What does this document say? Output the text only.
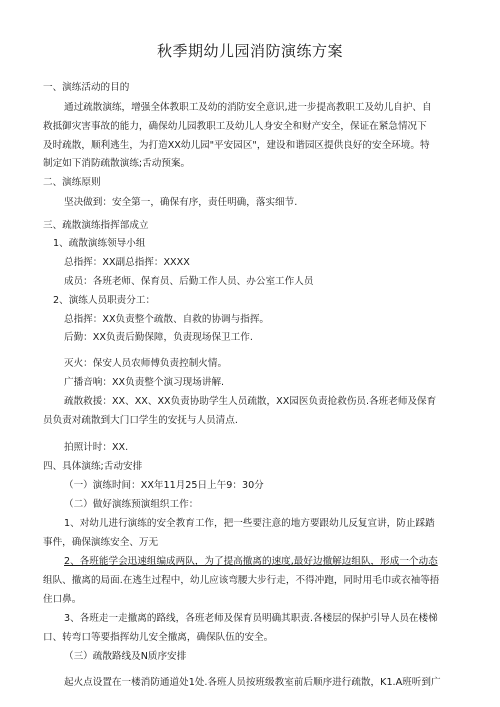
秋季期幼儿园消防演练方案
一、演练活动的目的
通过疏散演练，增强全体教职工及幼的消防安全意识,进一步提高教职工及幼儿自护、自
救抵御灾害事故的能力，确保幼儿园教职工及幼儿人身安全和财产安全，保证在紧急情况下
及时疏散，顺利逃生，为打造XX幼儿园"平安园区"，建设和谐园区提供良好的安全环境。特
制定如下消防疏散演练;舌动预案。
二、演练原则
坚决做到：安全第一，确保有序，责任明确，落实细节.
三、疏散演练指挥部成立
1、疏散演练领导小组
总指挥：XX副总指挥：XXXX
成员：各班老师、保育员、后勤工作人员、办公室工作人员
2、演练人员职责分工：
总指挥：XX负责整个疏散、自救的协调与指挥。
后勤：XX负责后勤保障，负责现场保卫工作.
灭火：保安人员农师傅负责控制火情。
广播音响：XX负责整个演习现场讲解.
疏散救援：XX、XX、XX负责协助学生人员疏散，XX园医负责抢救伤员.各班老师及保育
员负责对疏散到大门口学生的安抚与人员清点.
拍照计时：XX.
四、具体演练;舌动安排
（一）演练时间：XX年11月25日上午9：30分
（二）做好演练预演组织工作：
1、对幼儿进行演练的安全教育工作，把一些要注意的地方要跟幼儿反复宣讲，防止踩踏
事件，确保演练安全、万无
2、各班能学会迅速组编成两队，为了提高撤离的速度,最好边撤解边组队，形成一个动态
组队、撤离的局面.在逃生过程中，幼儿应该弯腰大步行走，不得冲跑，同时用毛巾或衣袖等捂
住口鼻。
3、各班走一走撤离的路线，各班老师及保育员明确其职责.各楼层的保护引导人员在楼梯
口、转弯口等要指挥幼儿安全撤离，确保队伍的安全。
（三）疏散路线及N质序安排
起火点设置在一楼消防通道处1处.各班人员按班级教室前后顺序进行疏散，K1.A班听到广
